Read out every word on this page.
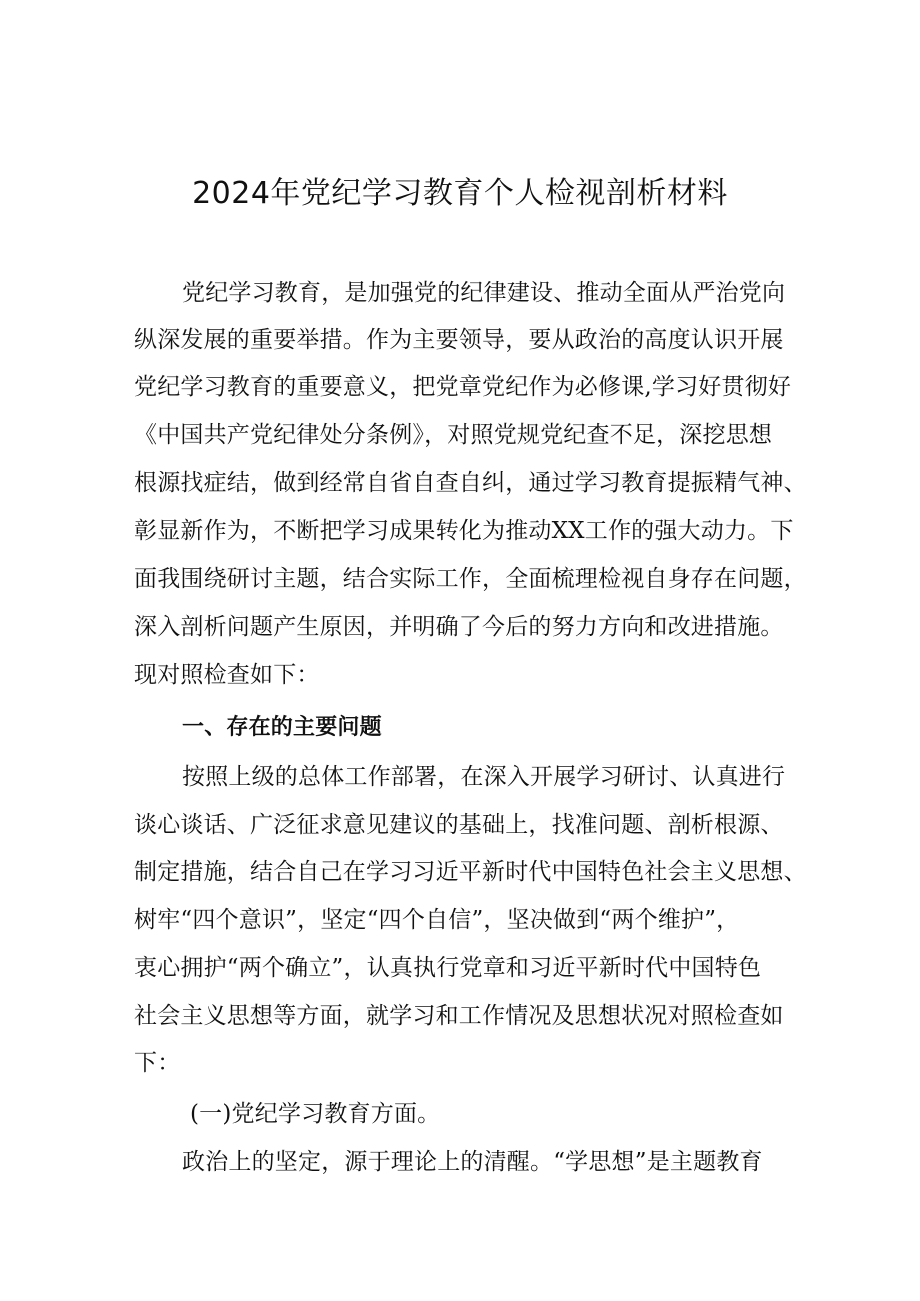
2024年党纪学习教育个人检视剖析材料
党纪学习教育，是加强党的纪律建设、推动全面从严治党向
纵深发展的重要举措。作为主要领导，要从政治的高度认识开展
党纪学习教育的重要意义，把党章党纪作为必修课,学习好贯彻好
《中国共产党纪律处分条例》，对照党规党纪查不足，深挖思想
根源找症结，做到经常自省自查自纠，通过学习教育提振精气神、
彰显新作为，不断把学习成果转化为推动XX工作的强大动力。下
面我围绕研讨主题，结合实际工作，全面梳理检视自身存在问题，
深入剖析问题产生原因，并明确了今后的努力方向和改进措施。
现对照检查如下：
一、存在的主要问题
按照上级的总体工作部署，在深入开展学习研讨、认真进行
谈心谈话、广泛征求意见建议的基础上，找准问题、剖析根源、
制定措施，结合自己在学习习近平新时代中国特色社会主义思想、
树牢“四个意识”，坚定“四个自信”，坚决做到“两个维护”，
衷心拥护“两个确立”，认真执行党章和习近平新时代中国特色
社会主义思想等方面，就学习和工作情况及思想状况对照检查如
下：
(一)党纪学习教育方面。
政治上的坚定，源于理论上的清醒。“学思想”是主题教育
